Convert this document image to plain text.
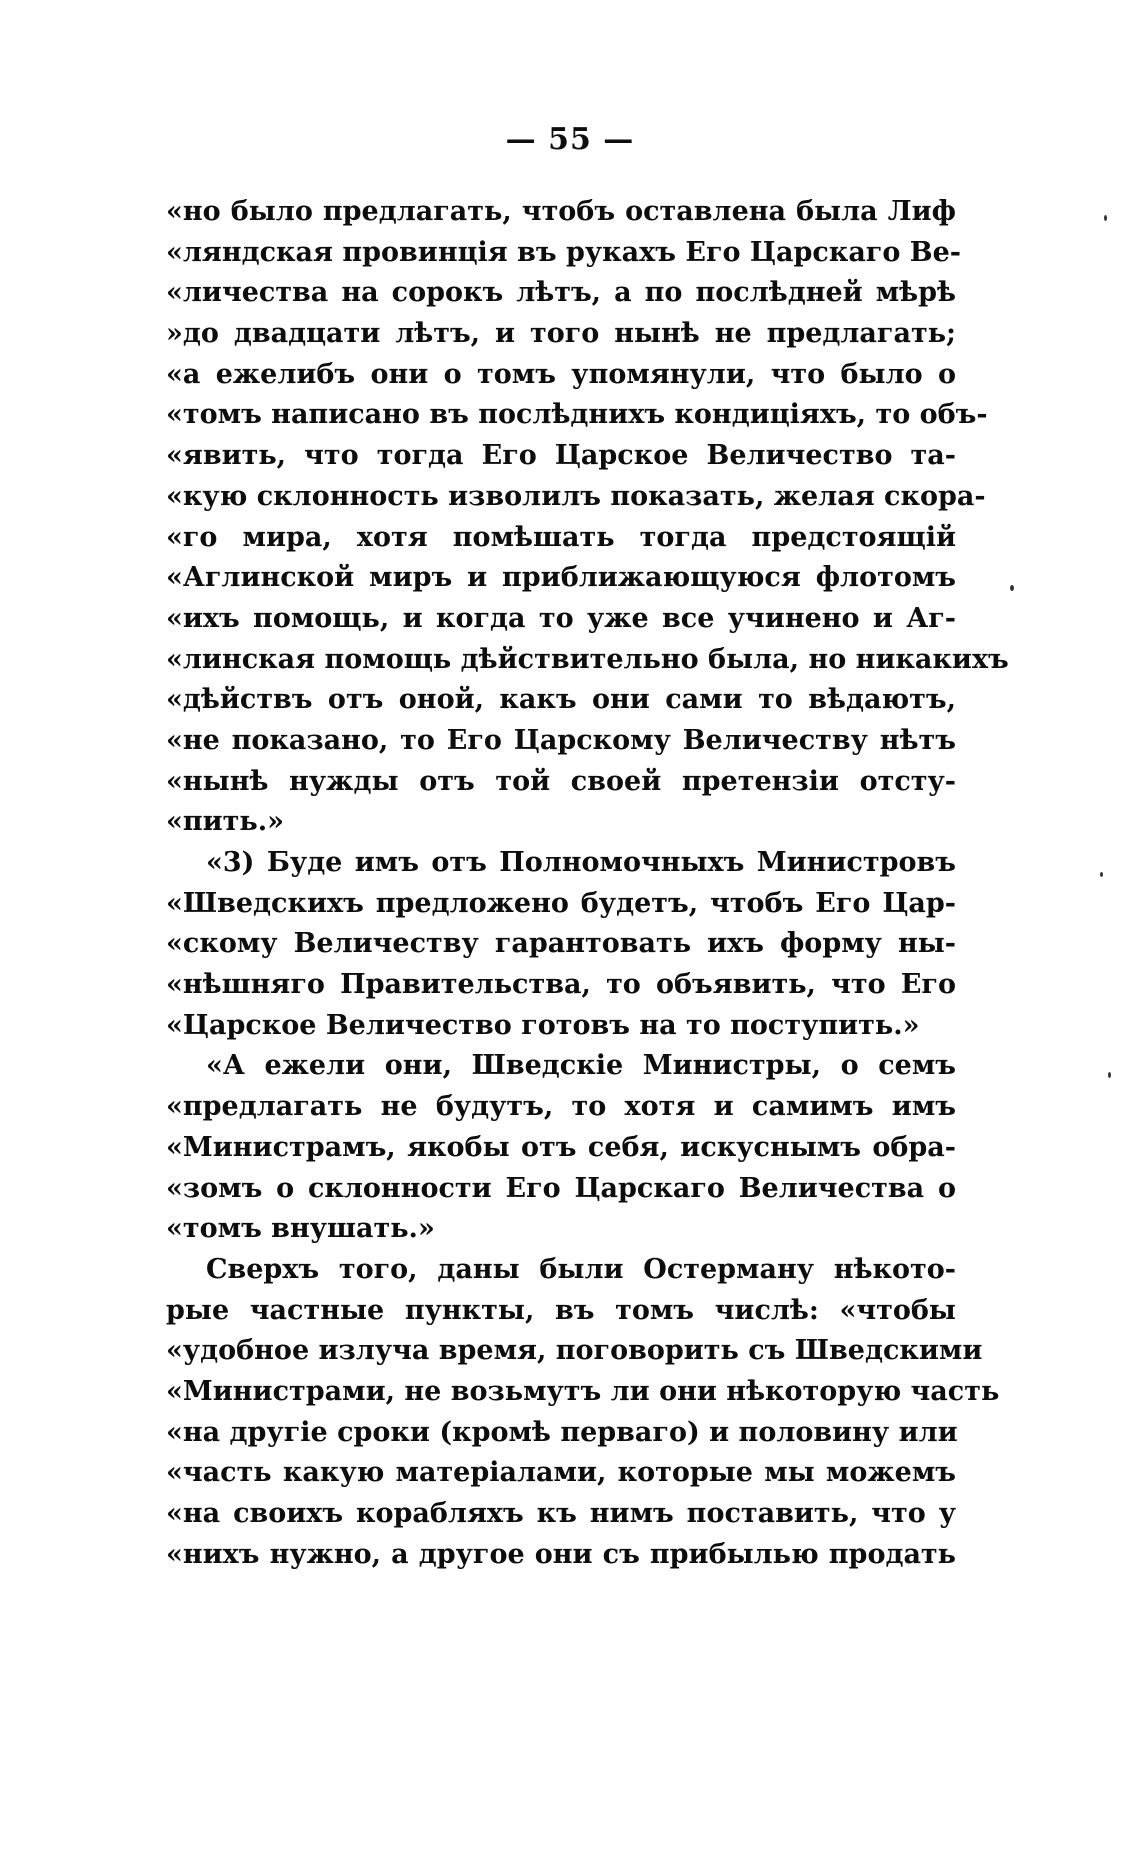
— 55 —
«но было предлагать, чтобъ оставлена была Лиф
«ляндская провинція въ рукахъ Его Царскаго Ве-
«личества на сорокъ лѣтъ, а по послѣдней мѣрѣ
»до двадцати лѣтъ, и того нынѣ не предлагать;
«а ежелибъ они о томъ упомянули, что было о
«томъ написано въ послѣднихъ кондиціяхъ, то объ-
«явить, что тогда Его Царское Величество та-
«кую склонность изволилъ показать, желая скора-
«го мира, хотя помѣшать тогда предстоящій
«Аглинской миръ и приближающуюся флотомъ
«ихъ помощь, и когда то уже все учинено и Аг-
«линская помощь дѣйствительно была, но никакихъ
«дѣйствъ отъ оной, какъ они сами то вѣдаютъ,
«не показано, то Его Царскому Величеству нѣтъ
«нынѣ нужды отъ той своей претензіи отсту-
«пить.»
«3) Буде имъ отъ Полномочныхъ Министровъ
«Шведскихъ предложено будетъ, чтобъ Его Цар-
«скому Величеству гарантовать ихъ форму ны-
«нѣшняго Правительства, то объявить, что Его
«Царское Величество готовъ на то поступить.»
«А ежели они, Шведскіе Министры, о семъ
«предлагать не будутъ, то хотя и самимъ имъ
«Министрамъ, якобы отъ себя, искуснымъ обра-
«зомъ о склонности Его Царскаго Величества о
«томъ внушать.»
Сверхъ того, даны были Остерману нѣкото-
рые частные пункты, въ томъ числѣ: «чтобы
«удобное излуча время, поговорить съ Шведскими
«Министрами, не возьмутъ ли они нѣкоторую часть
«на другіе сроки (кромѣ перваго) и половину или
«часть какую матеріалами, которые мы можемъ
«на своихъ корабляхъ къ нимъ поставить, что у
«нихъ нужно, а другое они съ прибылью продать
